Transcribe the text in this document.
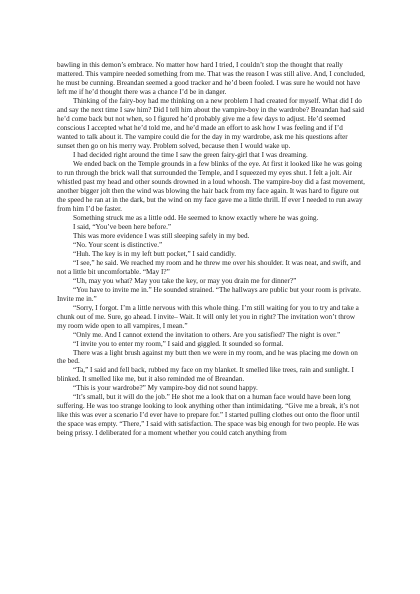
bawling in this demon’s embrace. No matter how hard I tried, I couldn’t stop the thought that really mattered. This vampire needed something from me. That was the reason I was still alive. And, I concluded, he must be cunning. Breandan seemed a good tracker and he’d been fooled. I was sure he would not have left me if he’d thought there was a chance I’d be in danger.

Thinking of the fairy-boy had me thinking on a new problem I had created for myself. What did I do and say the next time I saw him? Did I tell him about the vampire-boy in the wardrobe? Breandan had said he’d come back but not when, so I figured he’d probably give me a few days to adjust. He’d seemed conscious I accepted what he’d told me, and he’d made an effort to ask how I was feeling and if I’d wanted to talk about it. The vampire could die for the day in my wardrobe, ask me his questions after sunset then go on his merry way. Problem solved, because then I would wake up.

I had decided right around the time I saw the green fairy-girl that I was dreaming.

We ended back on the Temple grounds in a few blinks of the eye. At first it looked like he was going to run through the brick wall that surrounded the Temple, and I squeezed my eyes shut. I felt a jolt. Air whistled past my head and other sounds drowned in a loud whoosh. The vampire-boy did a fast movement, another bigger jolt then the wind was blowing the hair back from my face again. It was hard to figure out the speed he ran at in the dark, but the wind on my face gave me a little thrill. If ever I needed to run away from him I’d be faster.

Something struck me as a little odd. He seemed to know exactly where he was going.

I said, “You’ve been here before.”

This was more evidence I was still sleeping safely in my bed.

“No. Your scent is distinctive.”

“Huh. The key is in my left butt pocket,” I said candidly.

“I see,” he said. We reached my room and he threw me over his shoulder. It was neat, and swift, and not a little bit uncomfortable. “May I?”

“Uh, may you what? May you take the key, or may you drain me for dinner?”

“You have to invite me in.” He sounded strained. “The hallways are public but your room is private. Invite me in.”

“Sorry, I forgot. I’m a little nervous with this whole thing. I’m still waiting for you to try and take a chunk out of me. Sure, go ahead. I invite– Wait. It will only let you in right? The invitation won’t throw my room wide open to all vampires, I mean.”

“Only me. And I cannot extend the invitation to others. Are you satisfied? The night is over.”

“I invite you to enter my room,” I said and giggled. It sounded so formal.

There was a light brush against my butt then we were in my room, and he was placing me down on the bed.

“Ta,” I said and fell back, rubbed my face on my blanket. It smelled like trees, rain and sunlight. I blinked. It smelled like me, but it also reminded me of Breandan.

“This is your wardrobe?” My vampire-boy did not sound happy.

“It’s small, but it will do the job.” He shot me a look that on a human face would have been long suffering. He was too strange looking to look anything other than intimidating. “Give me a break, it’s not like this was ever a scenario I’d ever have to prepare for.” I started pulling clothes out onto the floor until the space was empty. “There,” I said with satisfaction. The space was big enough for two people. He was being prissy. I deliberated for a moment whether you could catch anything from
